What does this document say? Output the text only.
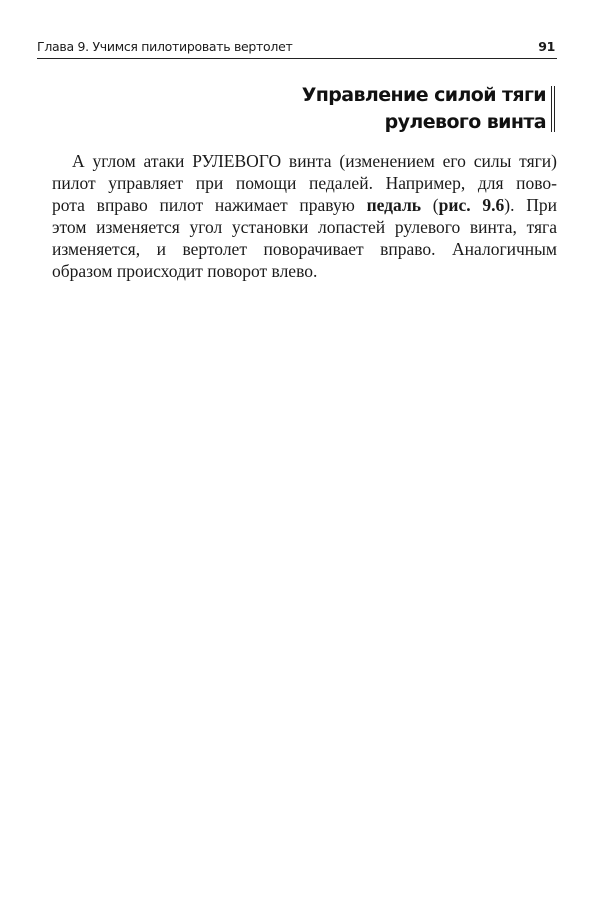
Глава 9. Учимся пилотировать вертолет	91
Управление силой тяги
рулевого винта
А углом атаки РУЛЕВОГО винта (изменением его силы тяги)
пилот управляет при помощи педалей. Например, для пово-
рота вправо пилот нажимает правую педаль (рис. 9.6). При
этом изменяется угол установки лопастей рулевого винта, тяга
изменяется, и вертолет поворачивает вправо. Аналогичным
образом происходит поворот влево.
